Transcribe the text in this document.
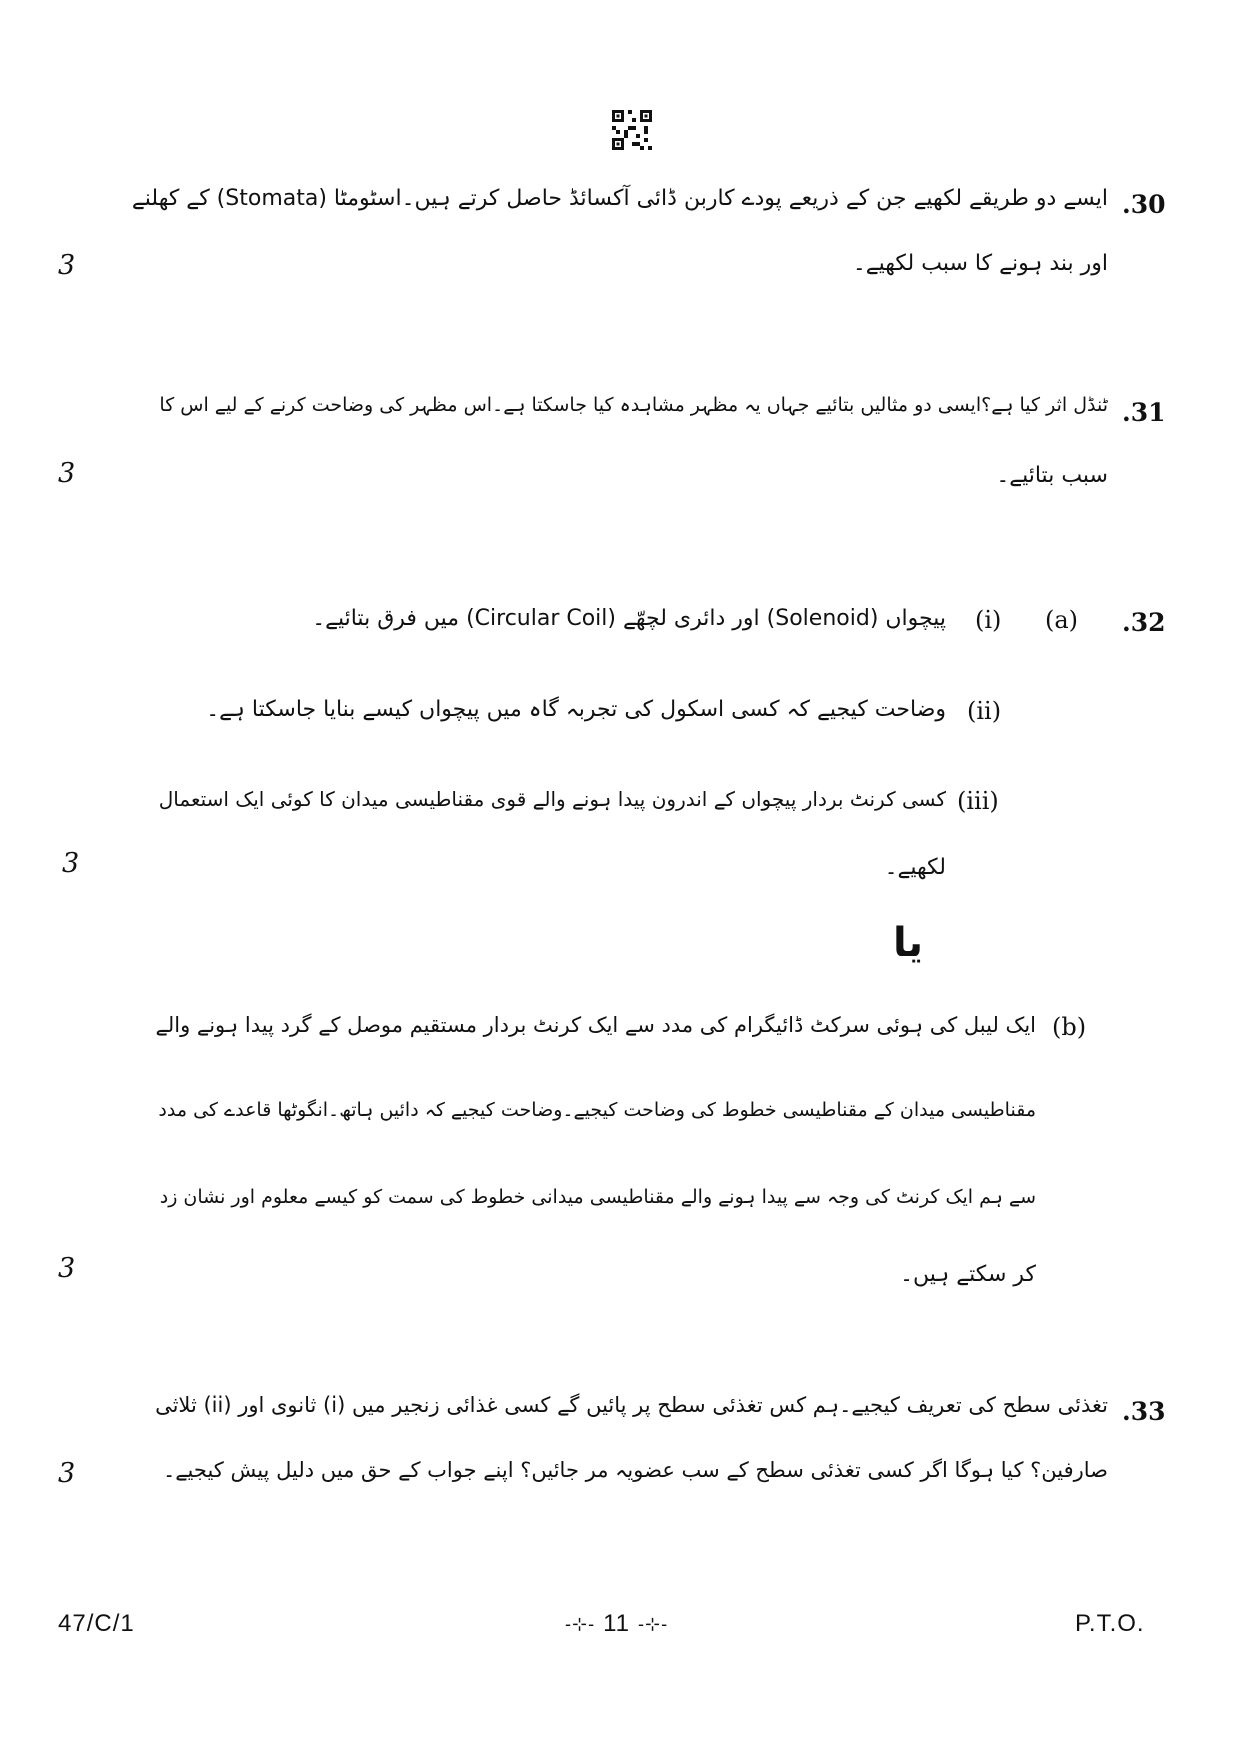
.30
ایسے دو طریقے لکھیے جن کے ذریعے پودے کاربن ڈائی آکسائڈ حاصل کرتے ہیں۔اسٹومٹا (Stomata) کے کھلنے
اور بند ہونے کا سبب لکھیے۔
3
.31
ٹنڈل اثر کیا ہے؟ایسی دو مثالیں بتائیے جہاں یہ مظہر مشاہدہ کیا جاسکتا ہے۔اس مظہر کی وضاحت کرنے کے لیے اس کا
سبب بتائیے۔
3
.32
(a)
(i)
پیچواں (Solenoid) اور دائری لچھّے (Circular Coil) میں فرق بتائیے۔
(ii)
وضاحت کیجیے کہ کسی اسکول کی تجربہ گاہ میں پیچواں کیسے بنایا جاسکتا ہے۔
(iii)
کسی کرنٹ بردار پیچواں کے اندرون پیدا ہونے والے قوی مقناطیسی میدان کا کوئی ایک استعمال
لکھیے۔
3
یا
(b)
ایک لیبل کی ہوئی سرکٹ ڈائیگرام کی مدد سے ایک کرنٹ بردار مستقیم موصل کے گرد پیدا ہونے والے
مقناطیسی میدان کے مقناطیسی خطوط کی وضاحت کیجیے۔وضاحت کیجیے کہ دائیں ہاتھ۔انگوٹھا قاعدے کی مدد
سے ہم ایک کرنٹ کی وجہ سے پیدا ہونے والے مقناطیسی میدانی خطوط کی سمت کو کیسے معلوم اور نشان زد
کر سکتے ہیں۔
3
.33
تغذئی سطح کی تعریف کیجیے۔ہم کس تغذئی سطح پر پائیں گے کسی غذائی زنجیر میں (i) ثانوی اور (ii) ثلاثی
صارفین؟ کیا ہوگا اگر کسی تغذئی سطح کے سب عضویہ مر جائیں؟ اپنے جواب کے حق میں دلیل پیش کیجیے۔
3
47/C/1	-⊹- 11 -⊹-	P.T.O.
